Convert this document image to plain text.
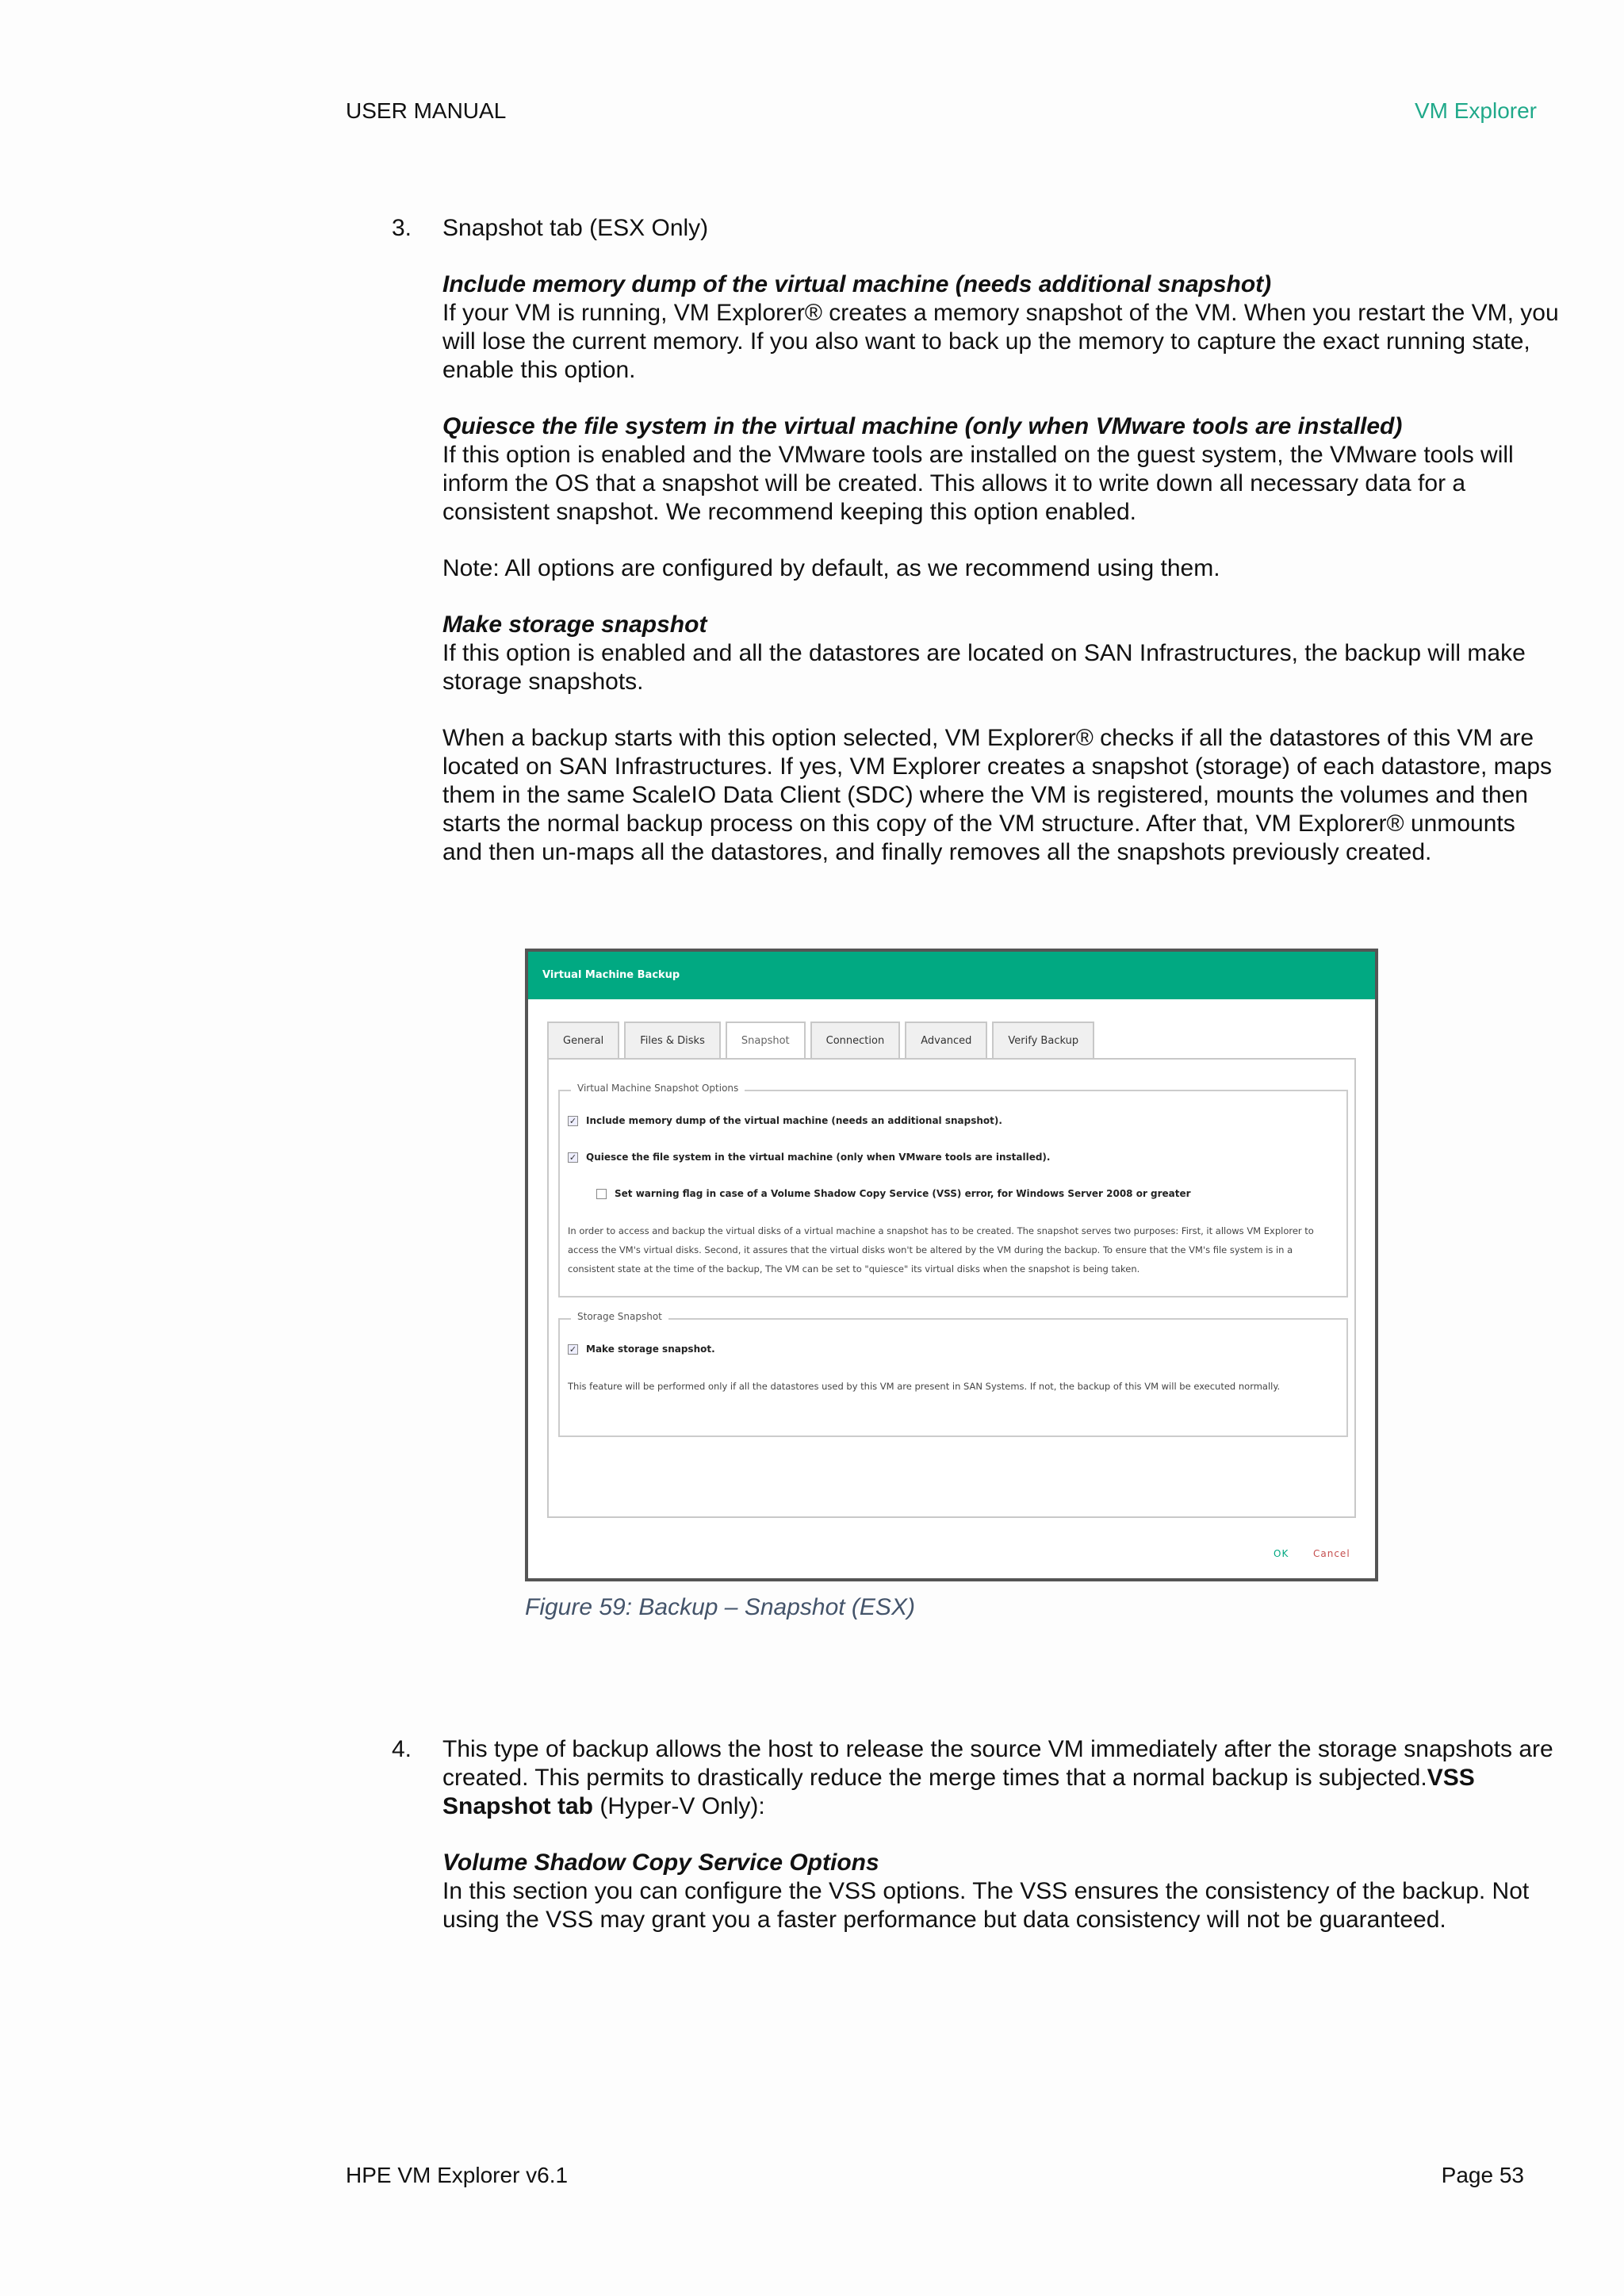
USER MANUAL	VM Explorer
3. Snapshot tab (ESX Only)

Include memory dump of the virtual machine (needs additional snapshot)
If your VM is running, VM Explorer® creates a memory snapshot of the VM. When you restart the VM, you will lose the current memory. If you also want to back up the memory to capture the exact running state, enable this option.

Quiesce the file system in the virtual machine (only when VMware tools are installed)
If this option is enabled and the VMware tools are installed on the guest system, the VMware tools will inform the OS that a snapshot will be created. This allows it to write down all necessary data for a consistent snapshot. We recommend keeping this option enabled.

Note: All options are configured by default, as we recommend using them.

Make storage snapshot
If this option is enabled and all the datastores are located on SAN Infrastructures, the backup will make storage snapshots.

When a backup starts with this option selected, VM Explorer® checks if all the datastores of this VM are located on SAN Infrastructures. If yes, VM Explorer creates a snapshot (storage) of each datastore, maps them in the same ScaleIO Data Client (SDC) where the VM is registered, mounts the volumes and then starts the normal backup process on this copy of the VM structure. After that, VM Explorer® unmounts and then un-maps all the datastores, and finally removes all the snapshots previously created.

Virtual Machine Backup
General	Files & Disks	Snapshot	Connection	Advanced	Verify Backup
Virtual Machine Snapshot Options
✓ Include memory dump of the virtual machine (needs an additional snapshot).
✓ Quiesce the file system in the virtual machine (only when VMware tools are installed).
Set warning flag in case of a Volume Shadow Copy Service (VSS) error, for Windows Server 2008 or greater
In order to access and backup the virtual disks of a virtual machine a snapshot has to be created. The snapshot serves two purposes: First, it allows VM Explorer to access the VM's virtual disks. Second, it assures that the virtual disks won't be altered by the VM during the backup. To ensure that the VM's file system is in a consistent state at the time of the backup, The VM can be set to "quiesce" its virtual disks when the snapshot is being taken.
Storage Snapshot
✓ Make storage snapshot.
This feature will be performed only if all the datastores used by this VM are present in SAN Systems. If not, the backup of this VM will be executed normally.
OK	Cancel
Figure 59: Backup – Snapshot (ESX)
4. This type of backup allows the host to release the source VM immediately after the storage snapshots are created. This permits to drastically reduce the merge times that a normal backup is subjected.VSS Snapshot tab (Hyper-V Only):

Volume Shadow Copy Service Options
In this section you can configure the VSS options. The VSS ensures the consistency of the backup. Not using the VSS may grant you a faster performance but data consistency will not be guaranteed.

HPE VM Explorer v6.1	Page 53
